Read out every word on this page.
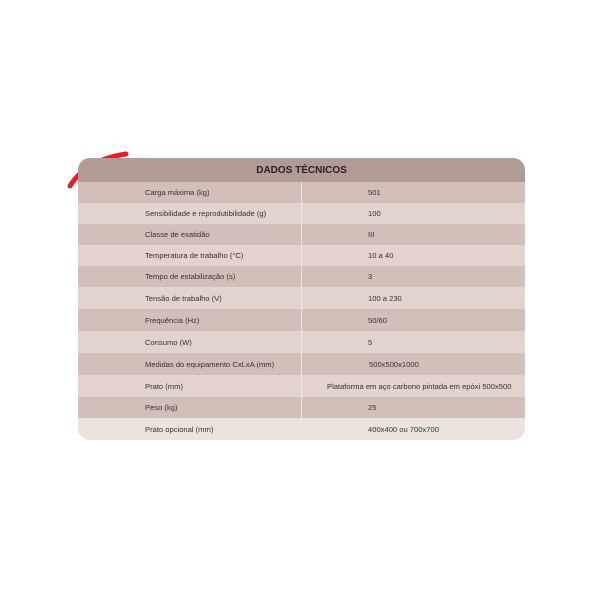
DADOS TÉCNICOS
Carga máxima (kg)	501
Sensibilidade e reprodutibilidade (g)	100
Classe de exatidão	III
Temperatura de trabalho (°C)	10 a 40
Tempo de estabilização (s)	3
Tensão de trabalho (V)	100 a 230
Frequência (Hz)	50/60
Consumo (W)	5
Medidas do equipamento CxLxA (mm)	500x500x1000
Prato (mm)	Plataforma em aço carbono pintada em epóxi 500x500
Peso (kg)	25
Prato opcional (mm)	400x400 ou 700x700
